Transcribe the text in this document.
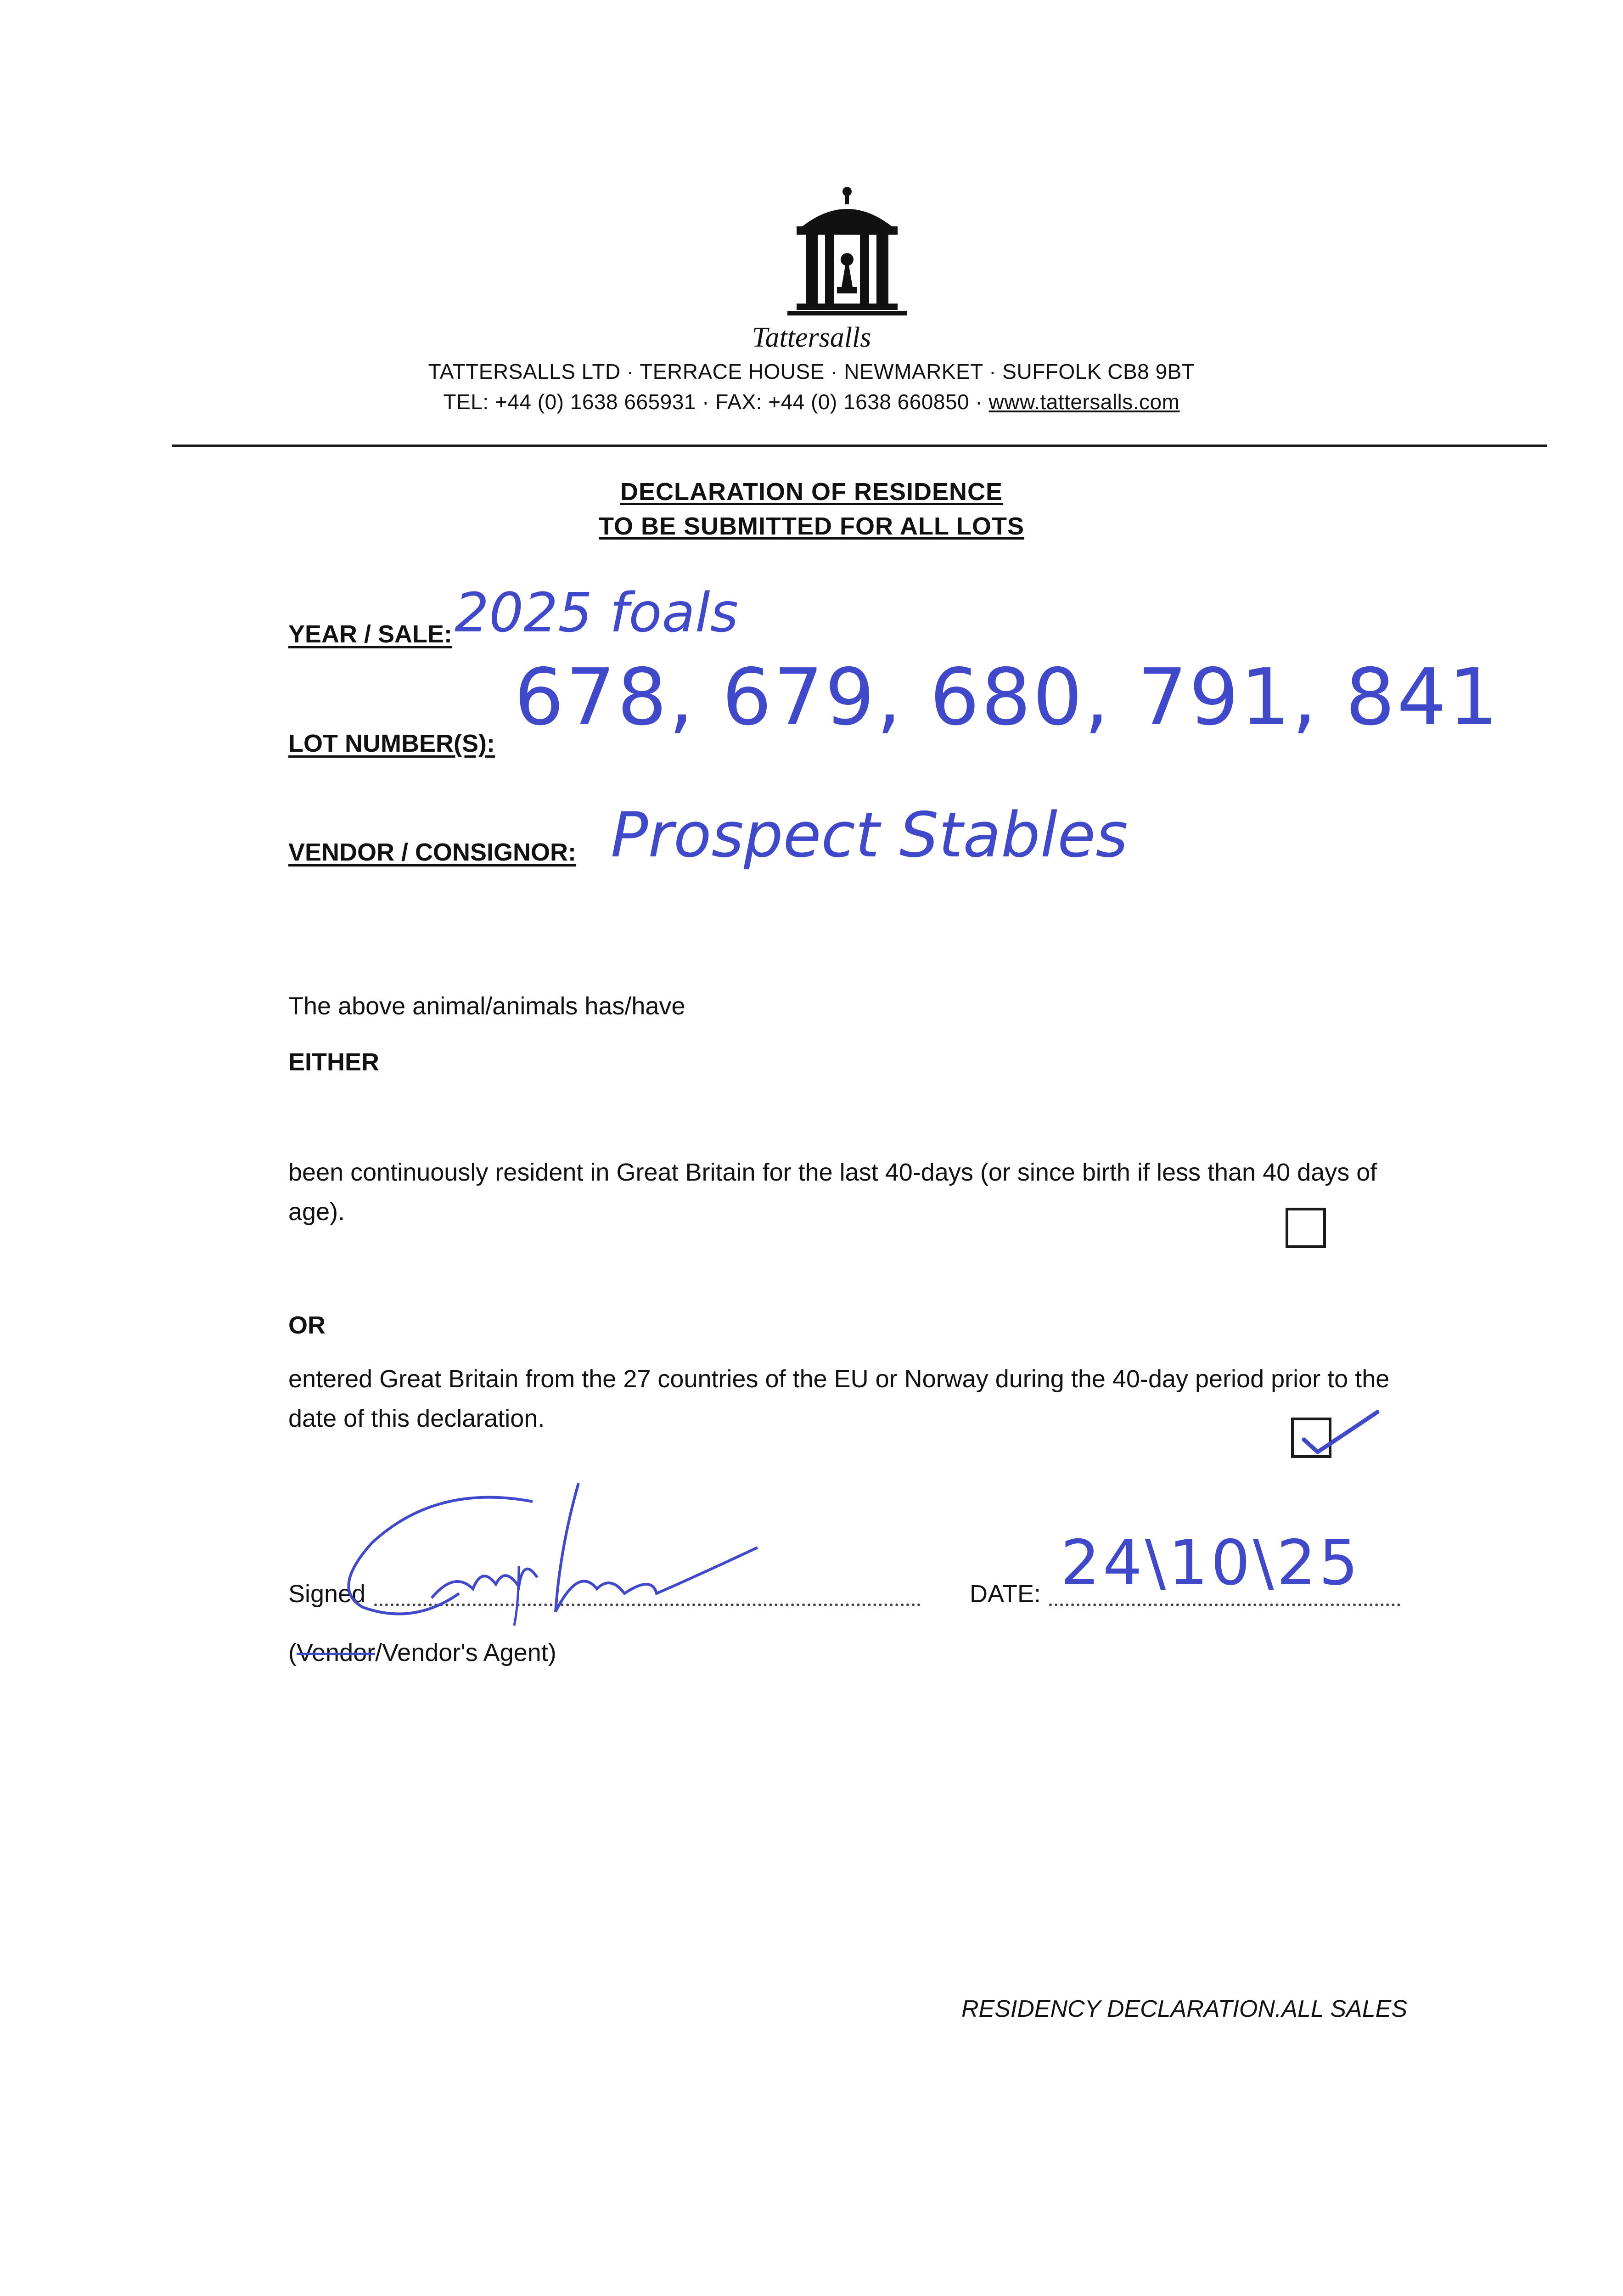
Tattersalls
TATTERSALLS LTD · TERRACE HOUSE · NEWMARKET · SUFFOLK CB8 9BT
TEL: +44 (0) 1638 665931 · FAX: +44 (0) 1638 660850 · www.tattersalls.com
DECLARATION OF RESIDENCE
TO BE SUBMITTED FOR ALL LOTS
YEAR / SALE: 2025 foals
LOT NUMBER(S):
678, 679, 680, 791, 841
VENDOR / CONSIGNOR: Prospect Stables
The above animal/animals has/have
EITHER
been continuously resident in Great Britain for the last 40-days (or since birth if less than 40 days of age).
OR
entered Great Britain from the 27 countries of the EU or Norway during the 40-day period prior to the date of this declaration.
Signed	DATE: 24\10\25
(Vendor/Vendor's Agent)
RESIDENCY DECLARATION.ALL SALES
